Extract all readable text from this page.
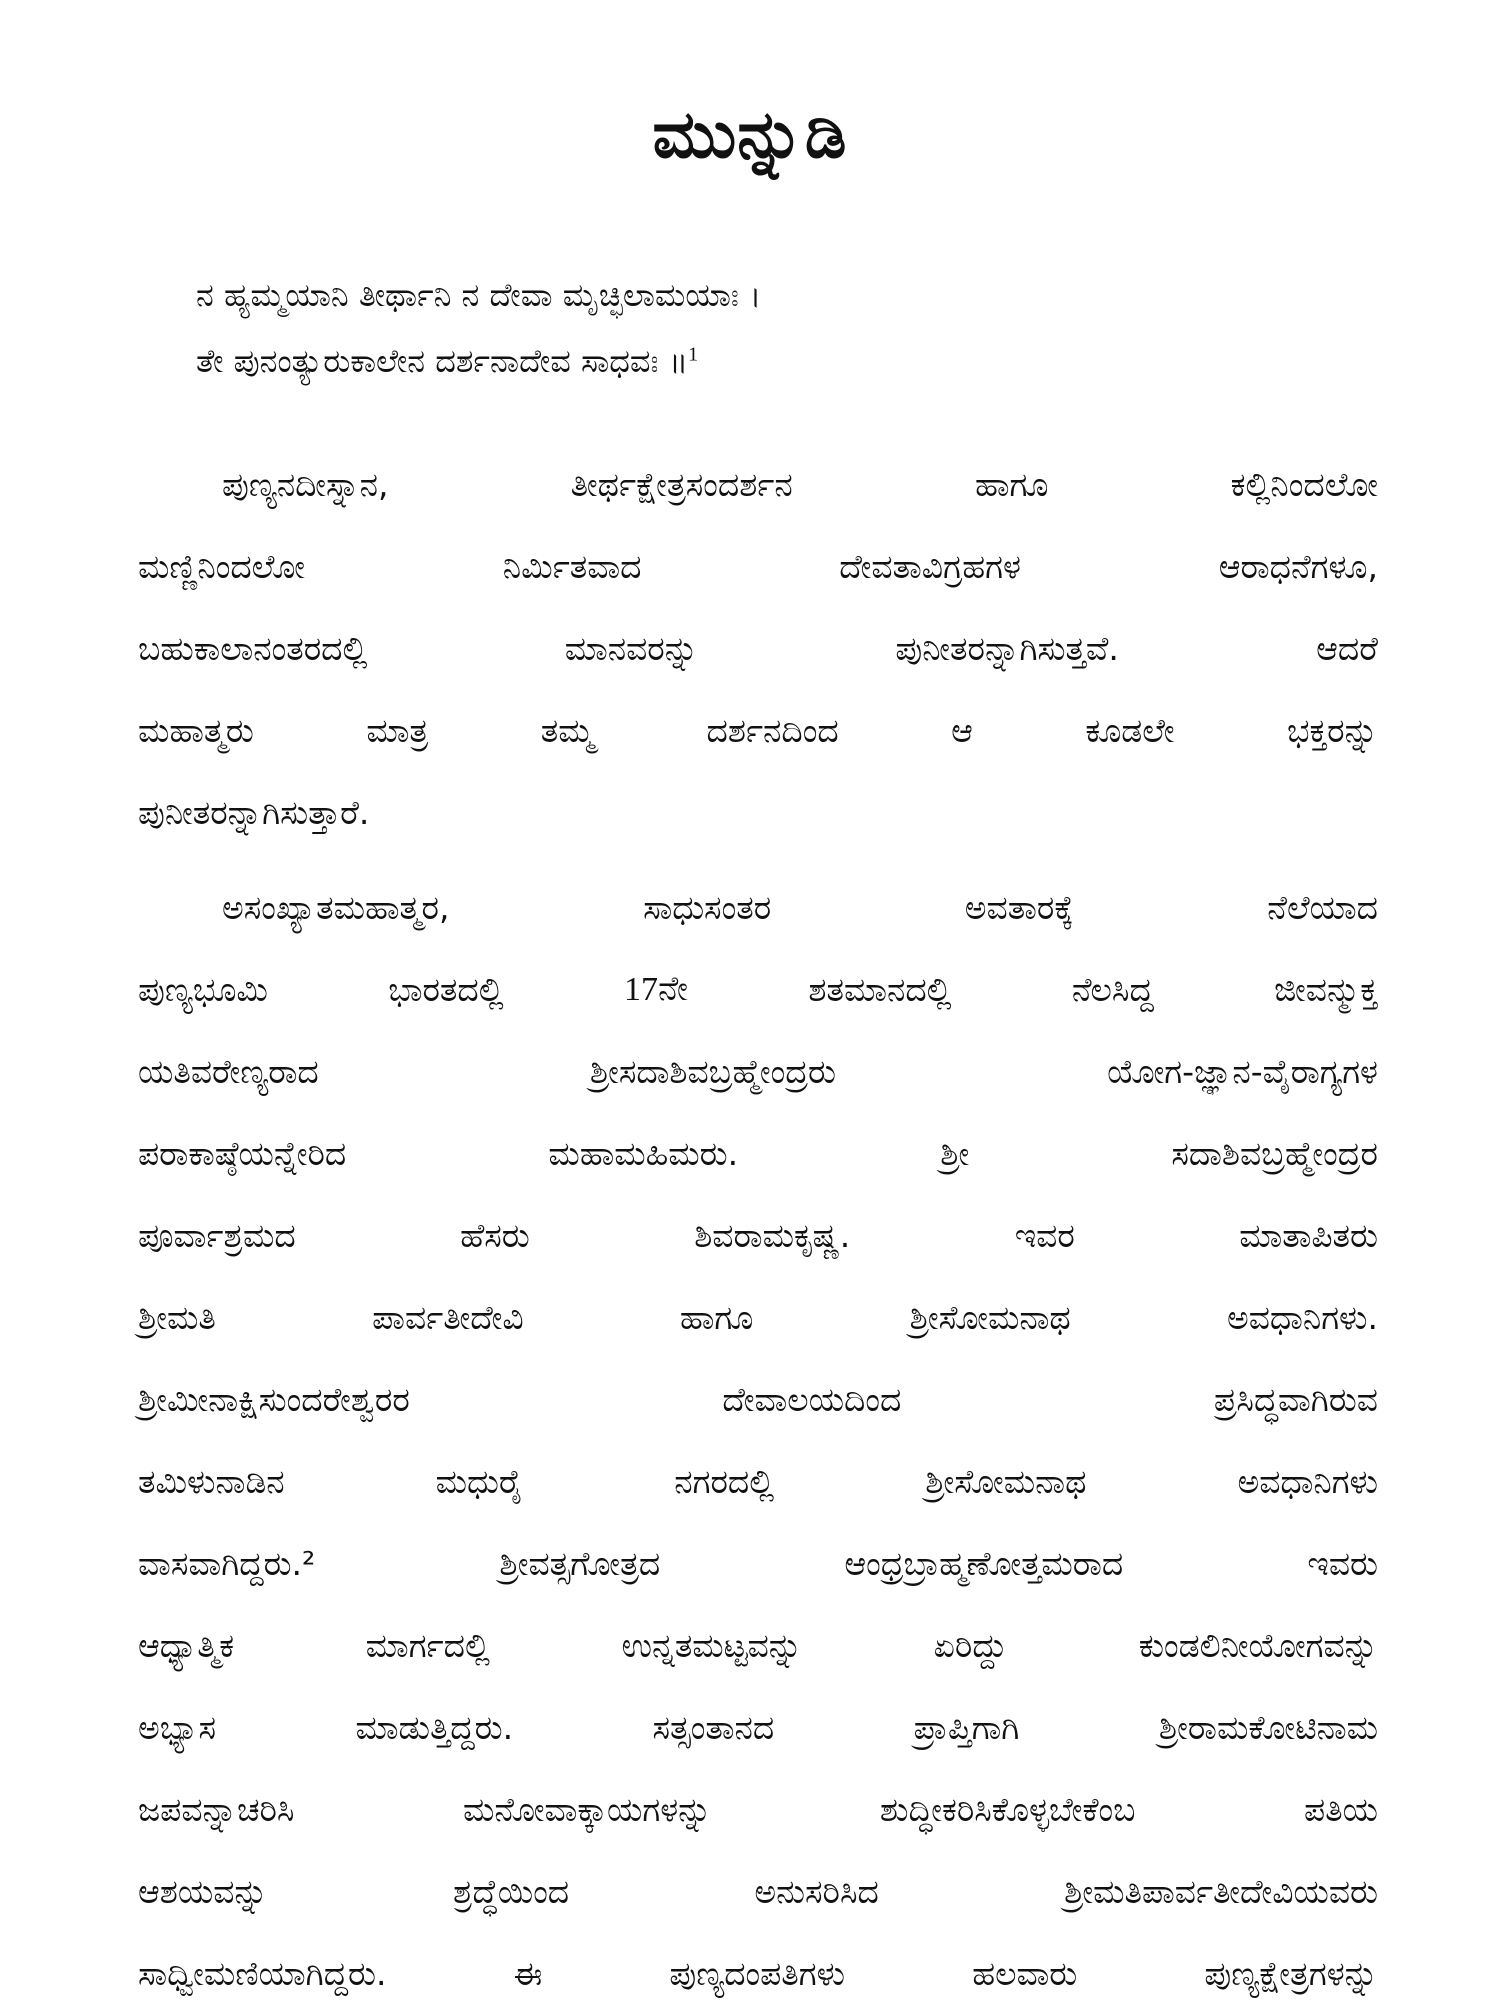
ಮುನ್ನುಡಿ
ನ ಹ್ಯಮ್ಮಯಾನಿ ತೀರ್ಥಾನಿ ನ ದೇವಾ ಮೃಚ್ಛಿಲಾಮಯಾಃ ।
ತೇ ಪುನಂತ್ಯುರುಕಾಲೇನ ದರ್ಶನಾದೇವ ಸಾಧವಃ ॥$^1$
ಪುಣ್ಯನದೀಸ್ನಾನ,	ತೀರ್ಥಕ್ಷೇತ್ರಸಂದರ್ಶನ	ಹಾಗೂ	ಕಲ್ಲಿನಿಂದಲೋ
ಮಣ್ಣಿನಿಂದಲೋ	ನಿರ್ಮಿತವಾದ	ದೇವತಾವಿಗ್ರಹಗಳ	ಆರಾಧನೆಗಳೂ,
ಬಹುಕಾಲಾನಂತರದಲ್ಲಿ	ಮಾನವರನ್ನು	ಪುನೀತರನ್ನಾಗಿಸುತ್ತವೆ.	ಆದರೆ
ಮಹಾತ್ಮರು	ಮಾತ್ರ	ತಮ್ಮ	ದರ್ಶನದಿಂದ	ಆ	ಕೂಡಲೇ	ಭಕ್ತರನ್ನು
ಪುನೀತರನ್ನಾಗಿಸುತ್ತಾರೆ.
ಅಸಂಖ್ಯಾತಮಹಾತ್ಮರ,	ಸಾಧುಸಂತರ	ಅವತಾರಕ್ಕೆ	ನೆಲೆಯಾದ
ಪುಣ್ಯಭೂಮಿ	ಭಾರತದಲ್ಲಿ	17ನೇ	ಶತಮಾನದಲ್ಲಿ	ನೆಲಸಿದ್ದ	ಜೀವನ್ಮುಕ್ತ
ಯತಿವರೇಣ್ಯರಾದ	ಶ್ರೀಸದಾಶಿವಬ್ರಹ್ಮೇಂದ್ರರು	ಯೋಗ-ಜ್ಞಾನ-ವೈರಾಗ್ಯಗಳ
ಪರಾಕಾಷ್ಠೆಯನ್ನೇರಿದ	ಮಹಾಮಹಿಮರು.	ಶ್ರೀ	ಸದಾಶಿವಬ್ರಹ್ಮೇಂದ್ರರ
ಪೂರ್ವಾಶ್ರಮದ	ಹೆಸರು	ಶಿವರಾಮಕೃಷ್ಣ.	ಇವರ	ಮಾತಾಪಿತರು
ಶ್ರೀಮತಿ	ಪಾರ್ವತೀದೇವಿ	ಹಾಗೂ	ಶ್ರೀಸೋಮನಾಥ	ಅವಧಾನಿಗಳು.
ಶ್ರೀಮೀನಾಕ್ಷಿಸುಂದರೇಶ್ವರರ	ದೇವಾಲಯದಿಂದ	ಪ್ರಸಿದ್ಧವಾಗಿರುವ
ತಮಿಳುನಾಡಿನ	ಮಧುರೈ	ನಗರದಲ್ಲಿ	ಶ್ರೀಸೋಮನಾಥ	ಅವಧಾನಿಗಳು
ವಾಸವಾಗಿದ್ದರು.²	ಶ್ರೀವತ್ಸಗೋತ್ರದ	ಆಂಧ್ರಬ್ರಾಹ್ಮಣೋತ್ತಮರಾದ	ಇವರು
ಆಧ್ಯಾತ್ಮಿಕ	ಮಾರ್ಗದಲ್ಲಿ	ಉನ್ನತಮಟ್ಟವನ್ನು	ಏರಿದ್ದು	ಕುಂಡಲಿನೀಯೋಗವನ್ನು
ಅಭ್ಯಾಸ	ಮಾಡುತ್ತಿದ್ದರು.	ಸತ್ಸಂತಾನದ	ಪ್ರಾಪ್ತಿಗಾಗಿ	ಶ್ರೀರಾಮಕೋಟಿನಾಮ
ಜಪವನ್ನಾಚರಿಸಿ	ಮನೋವಾಕ್ಕಾಯಗಳನ್ನು	ಶುದ್ಧೀಕರಿಸಿಕೊಳ್ಳಬೇಕೆಂಬ	ಪತಿಯ
ಆಶಯವನ್ನು	ಶ್ರದ್ಧೆಯಿಂದ	ಅನುಸರಿಸಿದ	ಶ್ರೀಮತಿಪಾರ್ವತೀದೇವಿಯವರು
ಸಾಧ್ವೀಮಣಿಯಾಗಿದ್ದರು.	ಈ	ಪುಣ್ಯದಂಪತಿಗಳು	ಹಲವಾರು	ಪುಣ್ಯಕ್ಷೇತ್ರಗಳನ್ನು
